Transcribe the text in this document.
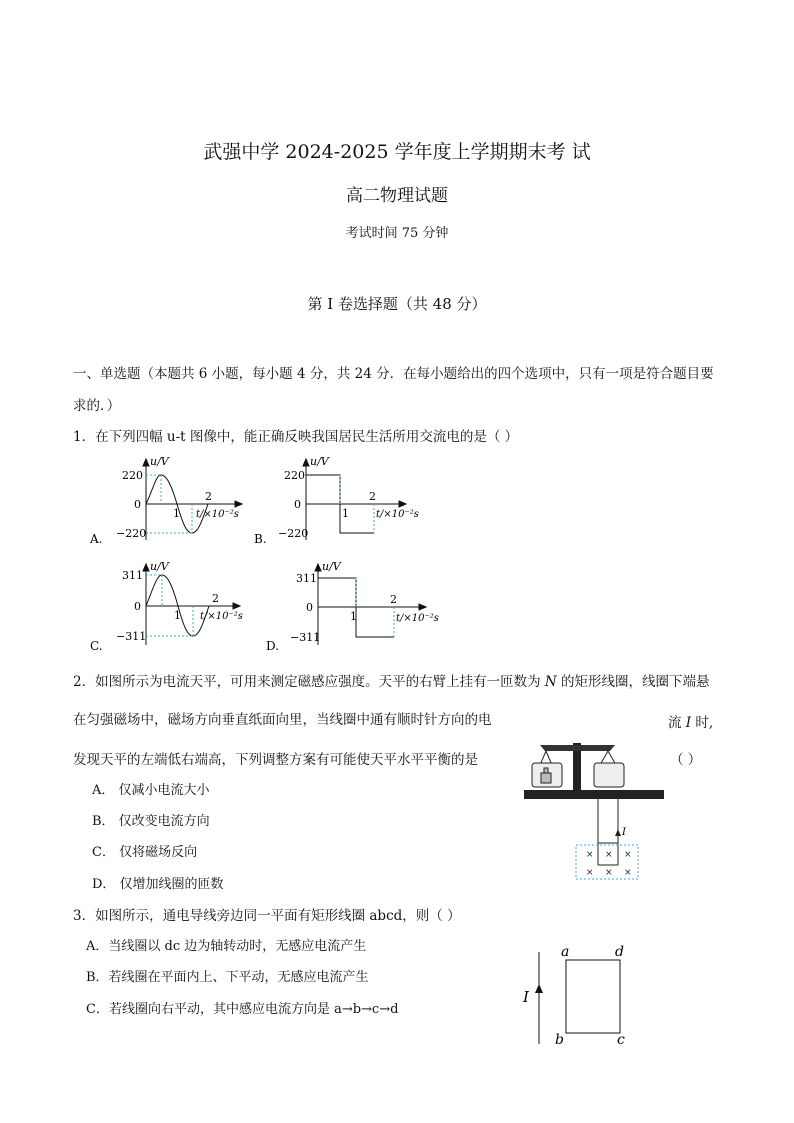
武强中学 2024-2025 学年度上学期期末考 试
高二物理试题
考试时间 75 分钟
第 I 卷选择题（共 48 分）
一、单选题（本题共 6 小题，每小题 4 分，共 24 分．在每小题给出的四个选项中，只有一项是符合题目要
求的．）
1．在下列四幅 u-t 图像中，能正确反映我国居民生活所用交流电的是（ ）
u/V
220
0
−220
1
2
t/×10⁻²s
A.
u/V
220
0
−220
1
2
t/×10⁻²s
B.
u/V
311
0
−311
1
2
t/×10⁻²s
C.
u/V
311
0
−311
1
2
t/×10⁻²s
D.
2．如图所示为电流天平，可用来测定磁感应强度。天平的右臂上挂有一匝数为 N 的矩形线圈，线圈下端悬
在匀强磁场中，磁场方向垂直纸面向里，当线圈中通有顺时针方向的电	流 I 时,
发现天平的左端低右端高，下列调整方案有可能使天平水平平衡的是	（ ）
A． 仅减小电流大小
B． 仅改变电流方向
C． 仅将磁场反向
D． 仅增加线圈的匝数
I
× × ×
× × ×
3．如图所示，通电导线旁边同一平面有矩形线圈 abcd，则（ ）
A．当线圈以 dc 边为轴转动时，无感应电流产生
B．若线圈在平面内上、下平动，无感应电流产生
C．若线圈向右平动，其中感应电流方向是 a→b→c→d
I
a	d
b	c
